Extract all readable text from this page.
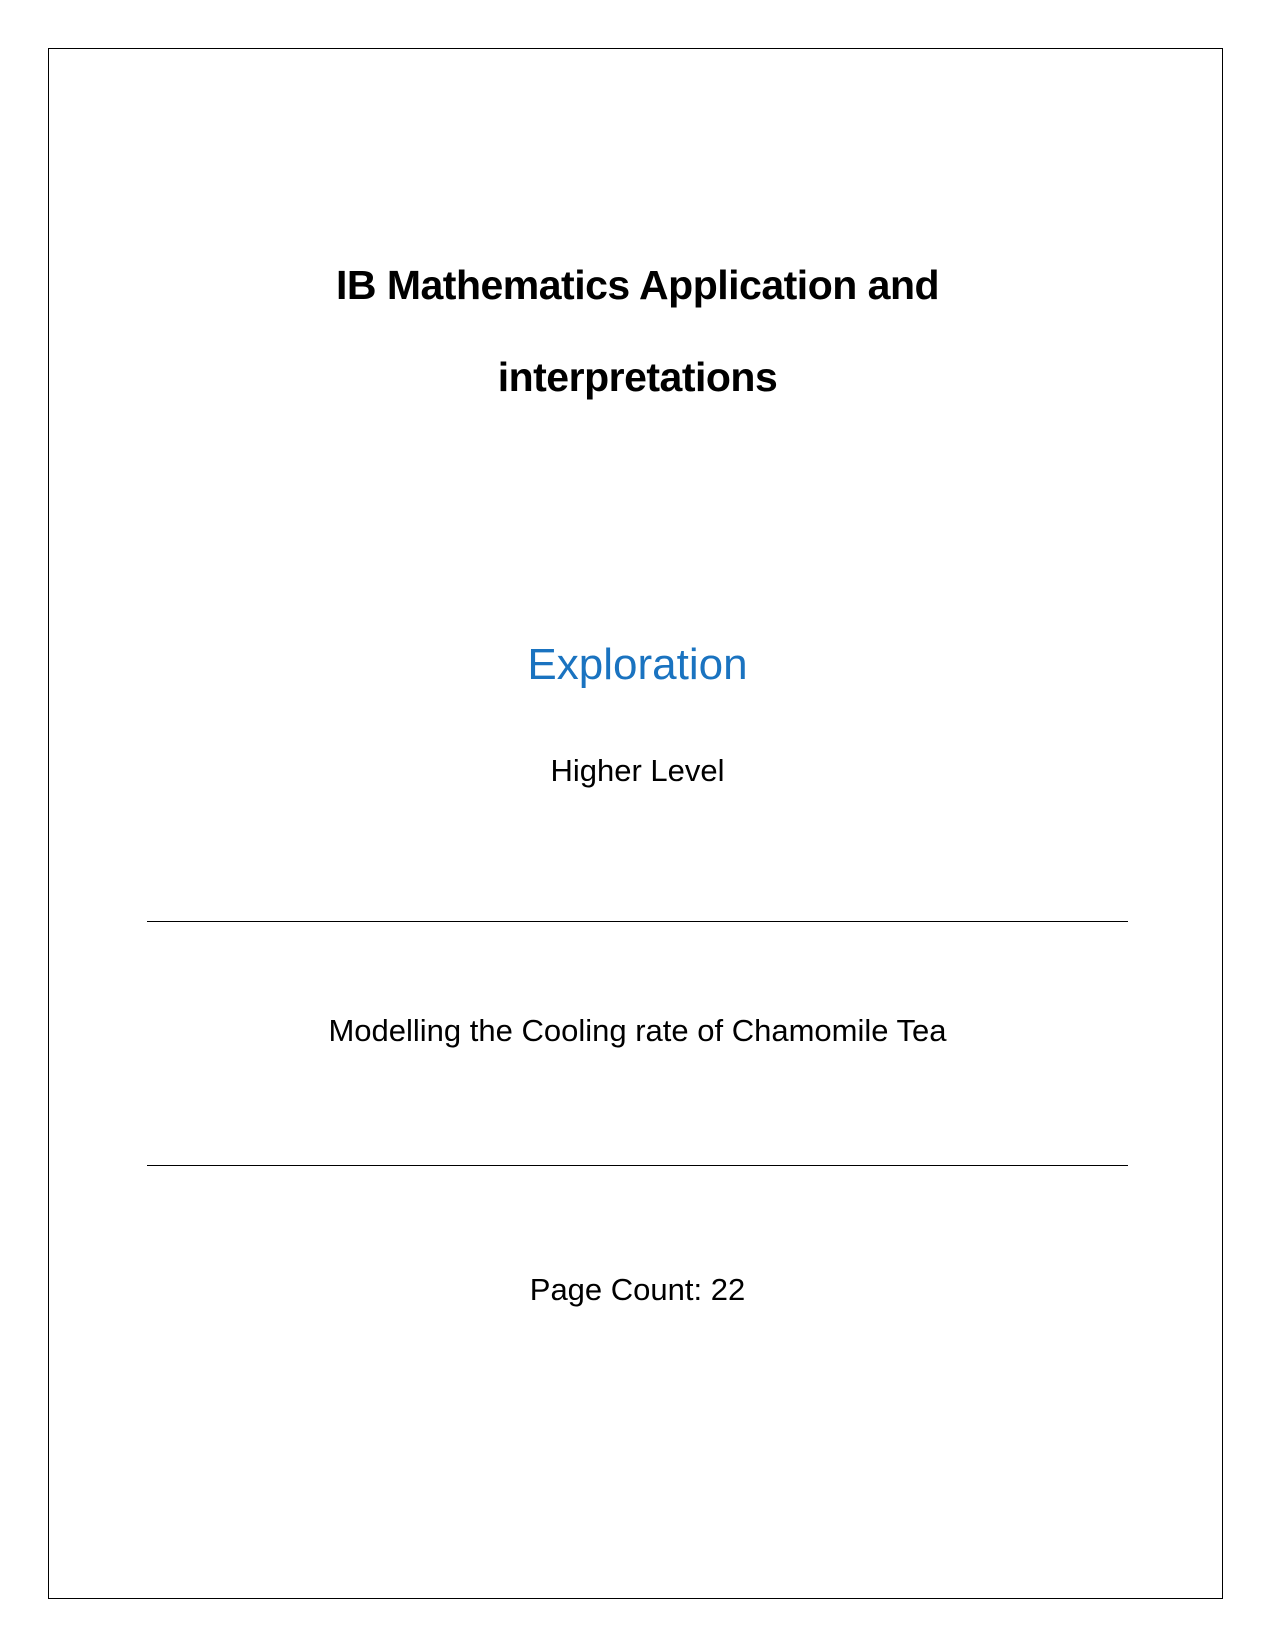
IB Mathematics Application and
interpretations
Exploration
Higher Level
Modelling the Cooling rate of Chamomile Tea
Page Count: 22
